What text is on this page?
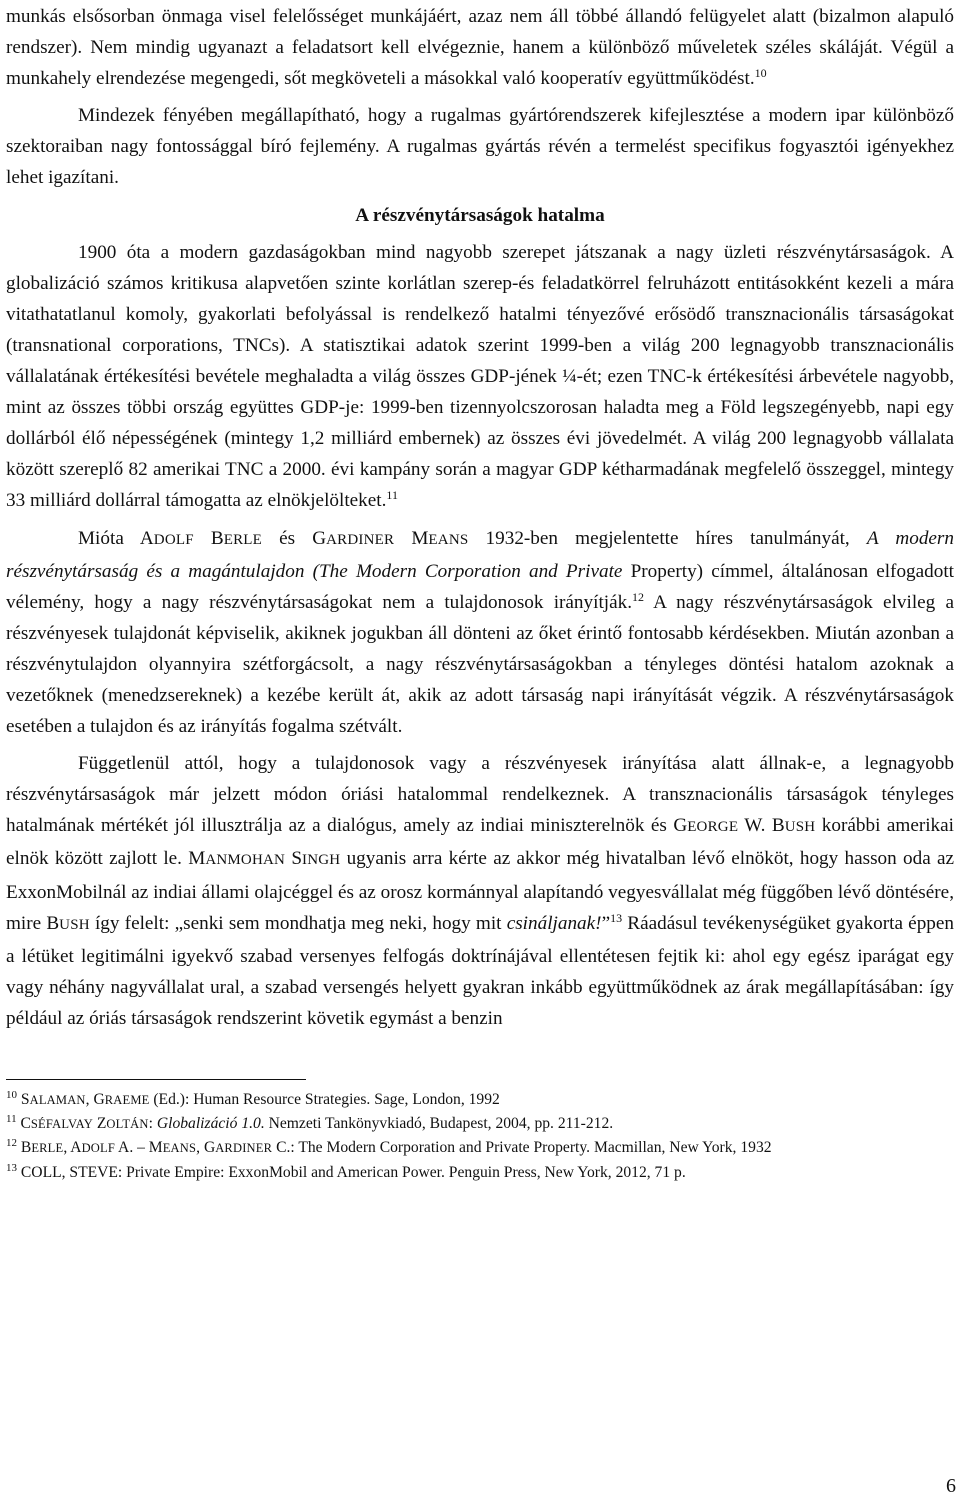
munkás elsősorban önmaga visel felelősséget munkájáért, azaz nem áll többé állandó felügyelet alatt (bizalmon alapuló rendszer). Nem mindig ugyanazt a feladatsort kell elvégeznie, hanem a különböző műveletek széles skáláját. Végül a munkahely elrendezése megengedi, sőt megköveteli a másokkal való kooperatív együttműködést.$^{10}$

Mindezek fényében megállapítható, hogy a rugalmas gyártórendszerek kifejlesztése a modern ipar különböző szektoraiban nagy fontossággal bíró fejlemény. A rugalmas gyártás révén a termelést specifikus fogyasztói igényekhez lehet igazítani.

A részvénytársaságok hatalma

1900 óta a modern gazdaságokban mind nagyobb szerepet játszanak a nagy üzleti részvénytársaságok. A globalizáció számos kritikusa alapvetően szinte korlátlan szerep-és feladatkörrel felruházott entitásokként kezeli a mára vitathatatlanul komoly, gyakorlati befolyással is rendelkező hatalmi tényezővé erősödő transznacionális társaságokat (transnational corporations, TNCs). A statisztikai adatok szerint 1999-ben a világ 200 legnagyobb transznacionális vállalatának értékesítési bevétele meghaladta a világ összes GDP-jének ¼-ét; ezen TNC-k értékesítési árbevétele nagyobb, mint az összes többi ország együttes GDP-je: 1999-ben tizennyolcszorosan haladta meg a Föld legszegényebb, napi egy dollárból élő népességének (mintegy 1,2 milliárd embernek) az összes évi jövedelmét. A világ 200 legnagyobb vállalata között szereplő 82 amerikai TNC a 2000. évi kampány során a magyar GDP kétharmadának megfelelő összeggel, mintegy 33 milliárd dollárral támogatta az elnökjelölteket.$^{11}$

Mióta ADOLF BERLE és GARDINER MEANS 1932-ben megjelentette híres tanulmányát, A modern részvénytársaság és a magántulajdon (The Modern Corporation and Private Property) címmel, általánosan elfogadott vélemény, hogy a nagy részvénytársaságokat nem a tulajdonosok irányítják.$^{12}$ A nagy részvénytársaságok elvileg a részvényesek tulajdonát képviselik, akiknek jogukban áll dönteni az őket érintő fontosabb kérdésekben. Miután azonban a részvénytulajdon olyannyira szétforgácsolt, a nagy részvénytársaságokban a tényleges döntési hatalom azoknak a vezetőknek (menedzsereknek) a kezébe került át, akik az adott társaság napi irányítását végzik. A részvénytársaságok esetében a tulajdon és az irányítás fogalma szétvált.

Függetlenül attól, hogy a tulajdonosok vagy a részvényesek irányítása alatt állnak-e, a legnagyobb részvénytársaságok már jelzett módon óriási hatalommal rendelkeznek. A transznacionális társaságok tényleges hatalmának mértékét jól illusztrálja az a dialógus, amely az indiai miniszterelnök és GEORGE W. BUSH korábbi amerikai elnök között zajlott le. MANMOHAN SINGH ugyanis arra kérte az akkor még hivatalban lévő elnököt, hogy hasson oda az ExxonMobilnál az indiai állami olajcéggel és az orosz kormánnyal alapítandó vegyesvállalat még függőben lévő döntésére, mire BUSH így felelt: „senki sem mondhatja meg neki, hogy mit csináljanak!”$^{13}$ Ráadásul tevékenységüket gyakorta éppen a létüket legitimálni igyekvő szabad versenyes felfogás doktrínájával ellentétesen fejtik ki: ahol egy egész iparágat egy vagy néhány nagyvállalat ural, a szabad versengés helyett gyakran inkább együttműködnek az árak megállapításában: így például az óriás társaságok rendszerint követik egymást a benzin

$^{10}$ SALAMAN, GRAEME (Ed.): Human Resource Strategies. Sage, London, 1992

$^{11}$ CSÉFALVAY ZOLTÁN: Globalizáció 1.0. Nemzeti Tankönyvkiadó, Budapest, 2004, pp. 211-212.

$^{12}$ BERLE, ADOLF A. – MEANS, GARDINER C.: The Modern Corporation and Private Property. Macmillan, New York, 1932

$^{13}$ COLL, STEVE: Private Empire: ExxonMobil and American Power. Penguin Press, New York, 2012, 71 p.

6
